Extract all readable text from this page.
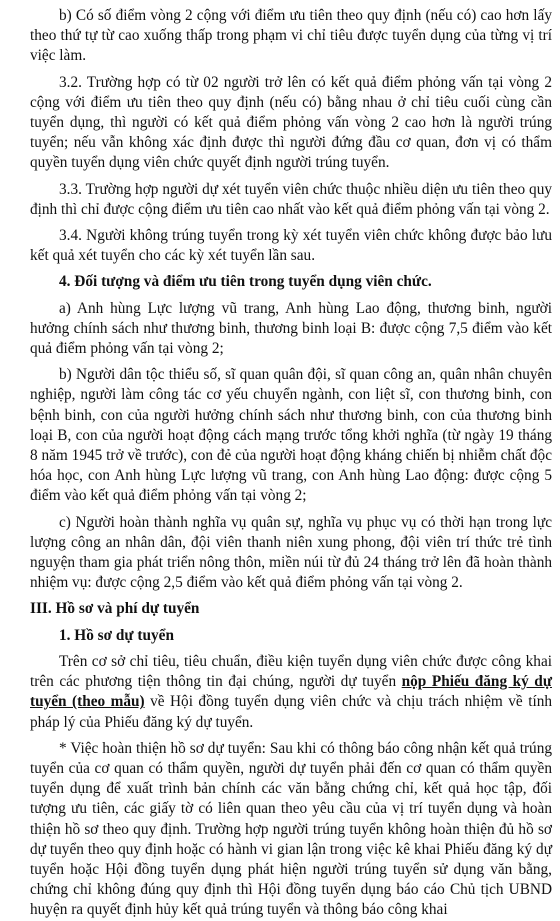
b) Có số điểm vòng 2 cộng với điểm ưu tiên theo quy định (nếu có) cao hơn lấy theo thứ tự từ cao xuống thấp trong phạm vi chỉ tiêu được tuyển dụng của từng vị trí việc làm.

3.2. Trường hợp có từ 02 người trở lên có kết quả điểm phỏng vấn tại vòng 2 cộng với điểm ưu tiên theo quy định (nếu có) bằng nhau ở chỉ tiêu cuối cùng cần tuyển dụng, thì người có kết quả điểm phỏng vấn vòng 2 cao hơn là người trúng tuyển; nếu vẫn không xác định được thì người đứng đầu cơ quan, đơn vị có thẩm quyền tuyển dụng viên chức quyết định người trúng tuyển.

3.3. Trường hợp người dự xét tuyển viên chức thuộc nhiều diện ưu tiên theo quy định thì chỉ được cộng điểm ưu tiên cao nhất vào kết quả điểm phỏng vấn tại vòng 2.

3.4. Người không trúng tuyển trong kỳ xét tuyển viên chức không được bảo lưu kết quả xét tuyển cho các kỳ xét tuyển lần sau.

4. Đối tượng và điểm ưu tiên trong tuyển dụng viên chức.

a) Anh hùng Lực lượng vũ trang, Anh hùng Lao động, thương binh, người hưởng chính sách như thương binh, thương binh loại B: được cộng 7,5 điểm vào kết quả điểm phỏng vấn tại vòng 2;

b) Người dân tộc thiểu số, sĩ quan quân đội, sĩ quan công an, quân nhân chuyên nghiệp, người làm công tác cơ yếu chuyển ngành, con liệt sĩ, con thương binh, con bệnh binh, con của người hưởng chính sách như thương binh, con của thương binh loại B, con của người hoạt động cách mạng trước tổng khởi nghĩa (từ ngày 19 tháng 8 năm 1945 trở về trước), con đẻ của người hoạt động kháng chiến bị nhiễm chất độc hóa học, con Anh hùng Lực lượng vũ trang, con Anh hùng Lao động: được cộng 5 điểm vào kết quả điểm phỏng vấn tại vòng 2;

c) Người hoàn thành nghĩa vụ quân sự, nghĩa vụ phục vụ có thời hạn trong lực lượng công an nhân dân, đội viên thanh niên xung phong, đội viên trí thức trẻ tình nguyện tham gia phát triển nông thôn, miền núi từ đủ 24 tháng trở lên đã hoàn thành nhiệm vụ: được cộng 2,5 điểm vào kết quả điểm phỏng vấn tại vòng 2.

III. Hồ sơ và phí dự tuyển

1. Hồ sơ dự tuyển

Trên cơ sở chỉ tiêu, tiêu chuẩn, điều kiện tuyển dụng viên chức được công khai trên các phương tiện thông tin đại chúng, người dự tuyển nộp Phiếu đăng ký dự tuyển (theo mẫu) về Hội đồng tuyển dụng viên chức và chịu trách nhiệm về tính pháp lý của Phiếu đăng ký dự tuyển.

* Việc hoàn thiện hồ sơ dự tuyển: Sau khi có thông báo công nhận kết quả trúng tuyển của cơ quan có thẩm quyền, người dự tuyển phải đến cơ quan có thẩm quyền tuyển dụng để xuất trình bản chính các văn bằng chứng chỉ, kết quả học tập, đối tượng ưu tiên, các giấy tờ có liên quan theo yêu cầu của vị trí tuyển dụng và hoàn thiện hồ sơ theo quy định. Trường hợp người trúng tuyển không hoàn thiện đủ hồ sơ dự tuyển theo quy định hoặc có hành vi gian lận trong việc kê khai Phiếu đăng ký dự tuyển hoặc Hội đồng tuyển dụng phát hiện người trúng tuyển sử dụng văn bằng, chứng chỉ không đúng quy định thì Hội đồng tuyển dụng báo cáo Chủ tịch UBND huyện ra quyết định hủy kết quả trúng tuyển và thông báo công khai
